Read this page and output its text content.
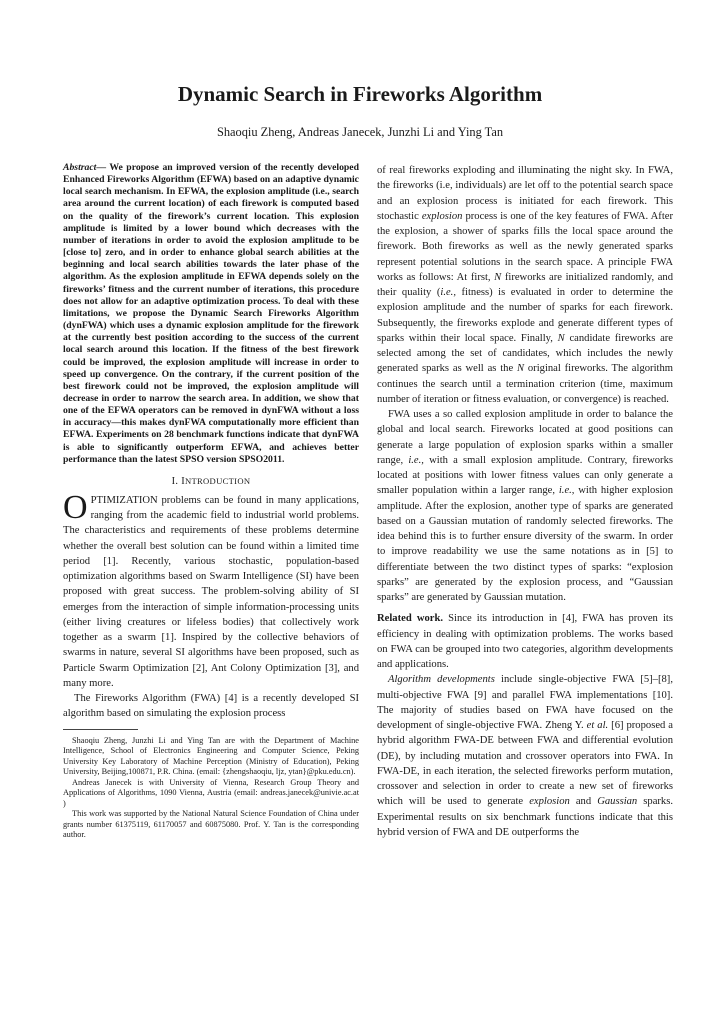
Dynamic Search in Fireworks Algorithm

Shaoqiu Zheng, Andreas Janecek, Junzhi Li and Ying Tan

Abstract— We propose an improved version of the recently developed Enhanced Fireworks Algorithm (EFWA) based on an adaptive dynamic local search mechanism. In EFWA, the explosion amplitude (i.e., search area around the current location) of each firework is computed based on the quality of the firework’s current location. This explosion amplitude is limited by a lower bound which decreases with the number of iterations in order to avoid the explosion amplitude to be [close to] zero, and in order to enhance global search abilities at the beginning and local search abilities towards the later phase of the algorithm. As the explosion amplitude in EFWA depends solely on the fireworks’ fitness and the current number of iterations, this procedure does not allow for an adaptive optimization process. To deal with these limitations, we propose the Dynamic Search Fireworks Algorithm (dynFWA) which uses a dynamic explosion amplitude for the firework at the currently best position according to the success of the current local search around this location. If the fitness of the best firework could be improved, the explosion amplitude will increase in order to speed up convergence. On the contrary, if the current position of the best firework could not be improved, the explosion amplitude will decrease in order to narrow the search area. In addition, we show that one of the EFWA operators can be removed in dynFWA without a loss in accuracy—this makes dynFWA computationally more efficient than EFWA. Experiments on 28 benchmark functions indicate that dynFWA is able to significantly outperform EFWA, and achieves better performance than the latest SPSO version SPSO2011.

I. INTRODUCTION

OPTIMIZATION problems can be found in many applications, ranging from the academic field to industrial world problems. The characteristics and requirements of these problems determine whether the overall best solution can be found within a limited time period [1]. Recently, various stochastic, population-based optimization algorithms based on Swarm Intelligence (SI) have been proposed with great success. The problem-solving ability of SI emerges from the interaction of simple information-processing units (either living creatures or lifeless bodies) that collectively work together as a swarm [1]. Inspired by the collective behaviors of swarms in nature, several SI algorithms have been proposed, such as Particle Swarm Optimization [2], Ant Colony Optimization [3], and many more.

The Fireworks Algorithm (FWA) [4] is a recently developed SI algorithm based on simulating the explosion process

Shaoqiu Zheng, Junzhi Li and Ying Tan are with the Department of Machine Intelligence, School of Electronics Engineering and Computer Science, Peking University Key Laboratory of Machine Perception (Ministry of Education), Peking University, Beijing,100871, P.R. China. (email: {zhengshaoqiu, ljz, ytan}@pku.edu.cn).

Andreas Janecek is with University of Vienna, Research Group Theory and Applications of Algorithms, 1090 Vienna, Austria (email: andreas.janecek@univie.ac.at )

This work was supported by the National Natural Science Foundation of China under grants number 61375119, 61170057 and 60875080. Prof. Y. Tan is the corresponding author.

of real fireworks exploding and illuminating the night sky. In FWA, the fireworks (i.e, individuals) are let off to the potential search space and an explosion process is initiated for each firework. This stochastic explosion process is one of the key features of FWA. After the explosion, a shower of sparks fills the local space around the firework. Both fireworks as well as the newly generated sparks represent potential solutions in the search space. A principle FWA works as follows: At first, N fireworks are initialized randomly, and their quality (i.e., fitness) is evaluated in order to determine the explosion amplitude and the number of sparks for each firework. Subsequently, the fireworks explode and generate different types of sparks within their local space. Finally, N candidate fireworks are selected among the set of candidates, which includes the newly generated sparks as well as the N original fireworks. The algorithm continues the search until a termination criterion (time, maximum number of iteration or fitness evaluation, or convergence) is reached.

FWA uses a so called explosion amplitude in order to balance the global and local search. Fireworks located at good positions can generate a large population of explosion sparks within a smaller range, i.e., with a small explosion amplitude. Contrary, fireworks located at positions with lower fitness values can only generate a smaller population within a larger range, i.e., with higher explosion amplitude. After the explosion, another type of sparks are generated based on a Gaussian mutation of randomly selected fireworks. The idea behind this is to further ensure diversity of the swarm. In order to improve readability we use the same notations as in [5] to differentiate between the two distinct types of sparks: “explosion sparks” are generated by the explosion process, and “Gaussian sparks” are generated by Gaussian mutation.

Related work. Since its introduction in [4], FWA has proven its efficiency in dealing with optimization problems. The works based on FWA can be grouped into two categories, algorithm developments and applications.

Algorithm developments include single-objective FWA [5]–[8], multi-objective FWA [9] and parallel FWA implementations [10]. The majority of studies based on FWA have focused on the development of single-objective FWA. Zheng Y. et al. [6] proposed a hybrid algorithm FWA-DE between FWA and differential evolution (DE), by including mutation and crossover operators into FWA. In FWA-DE, in each iteration, the selected fireworks perform mutation, crossover and selection in order to create a new set of fireworks which will be used to generate explosion and Gaussian sparks. Experimental results on six benchmark functions indicate that this hybrid version of FWA and DE outperforms the
